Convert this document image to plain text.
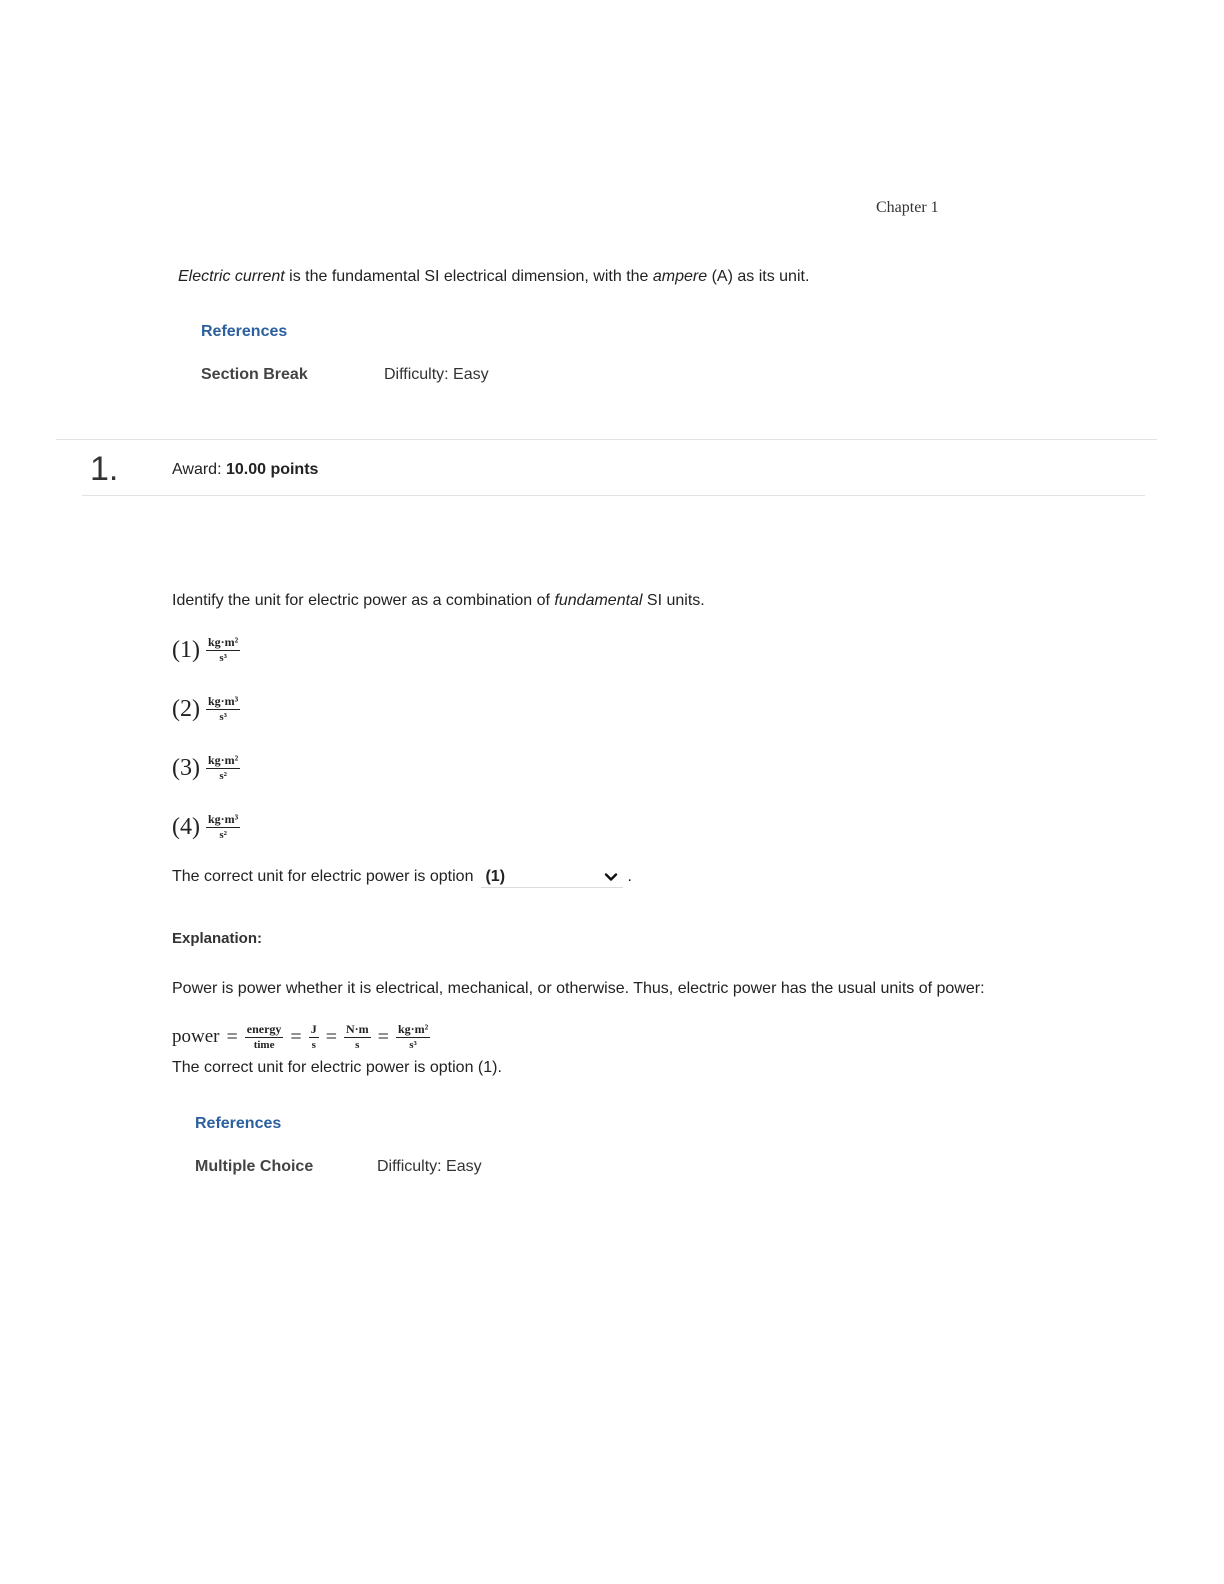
Chapter 1
Electric current is the fundamental SI electrical dimension, with the ampere (A) as its unit.
References
Section Break	Difficulty: Easy
1.	Award: 10.00 points
Identify the unit for electric power as a combination of fundamental SI units.
$(1) \frac{\text{kg·m²}}{\text{s³}}$
$(2) \frac{\text{kg·m³}}{\text{s³}}$
$(3) \frac{\text{kg·m²}}{\text{s²}}$
$(4) \frac{\text{kg·m³}}{\text{s²}}$
The correct unit for electric power is option (1)	.
Explanation:
Power is power whether it is electrical, mechanical, or otherwise. Thus, electric power has the usual units of power:
power = $\frac{\text{energy}}{\text{time}} = \frac{J}{s} = \frac{N\cdot m}{s} = \frac{\text{kg·m²}}{\text{s³}}$
The correct unit for electric power is option (1).
References
Multiple Choice	Difficulty: Easy
